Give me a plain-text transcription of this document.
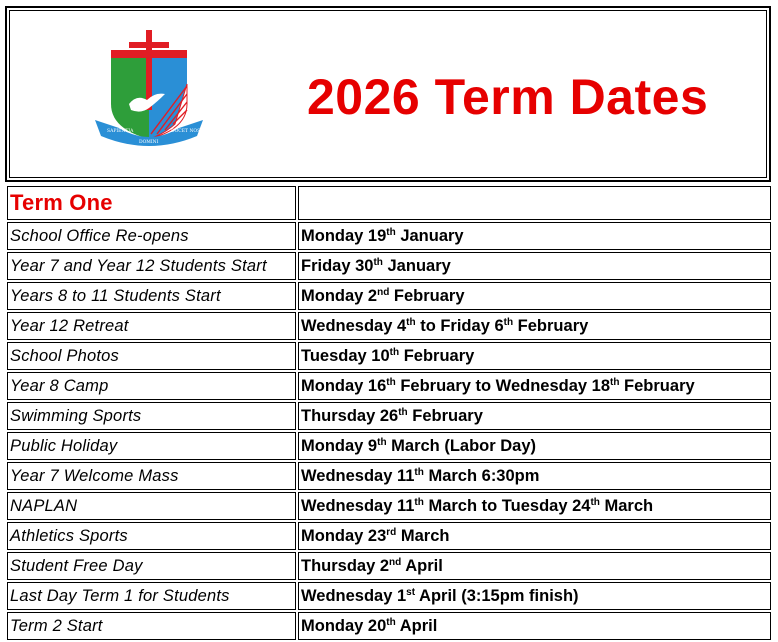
SAPIENTIA
DOMINI
DOCET NOS
2026 Term Dates
Term One	
School Office Re-opens	Monday 19th January
Year 7 and Year 12 Students Start	Friday 30th January
Years 8 to 11 Students Start	Monday 2nd February
Year 12 Retreat	Wednesday 4th to Friday 6th February
School Photos	Tuesday 10th February
Year 8 Camp	Monday 16th February to Wednesday 18th February
Swimming Sports	Thursday 26th February
Public Holiday	Monday 9th March (Labor Day)
Year 7 Welcome Mass	Wednesday 11th March 6:30pm
NAPLAN	Wednesday 11th March to Tuesday 24th March
Athletics Sports	Monday 23rd March
Student Free Day	Thursday 2nd April
Last Day Term 1 for Students	Wednesday 1st April (3:15pm finish)
Term 2 Start	Monday 20th April
